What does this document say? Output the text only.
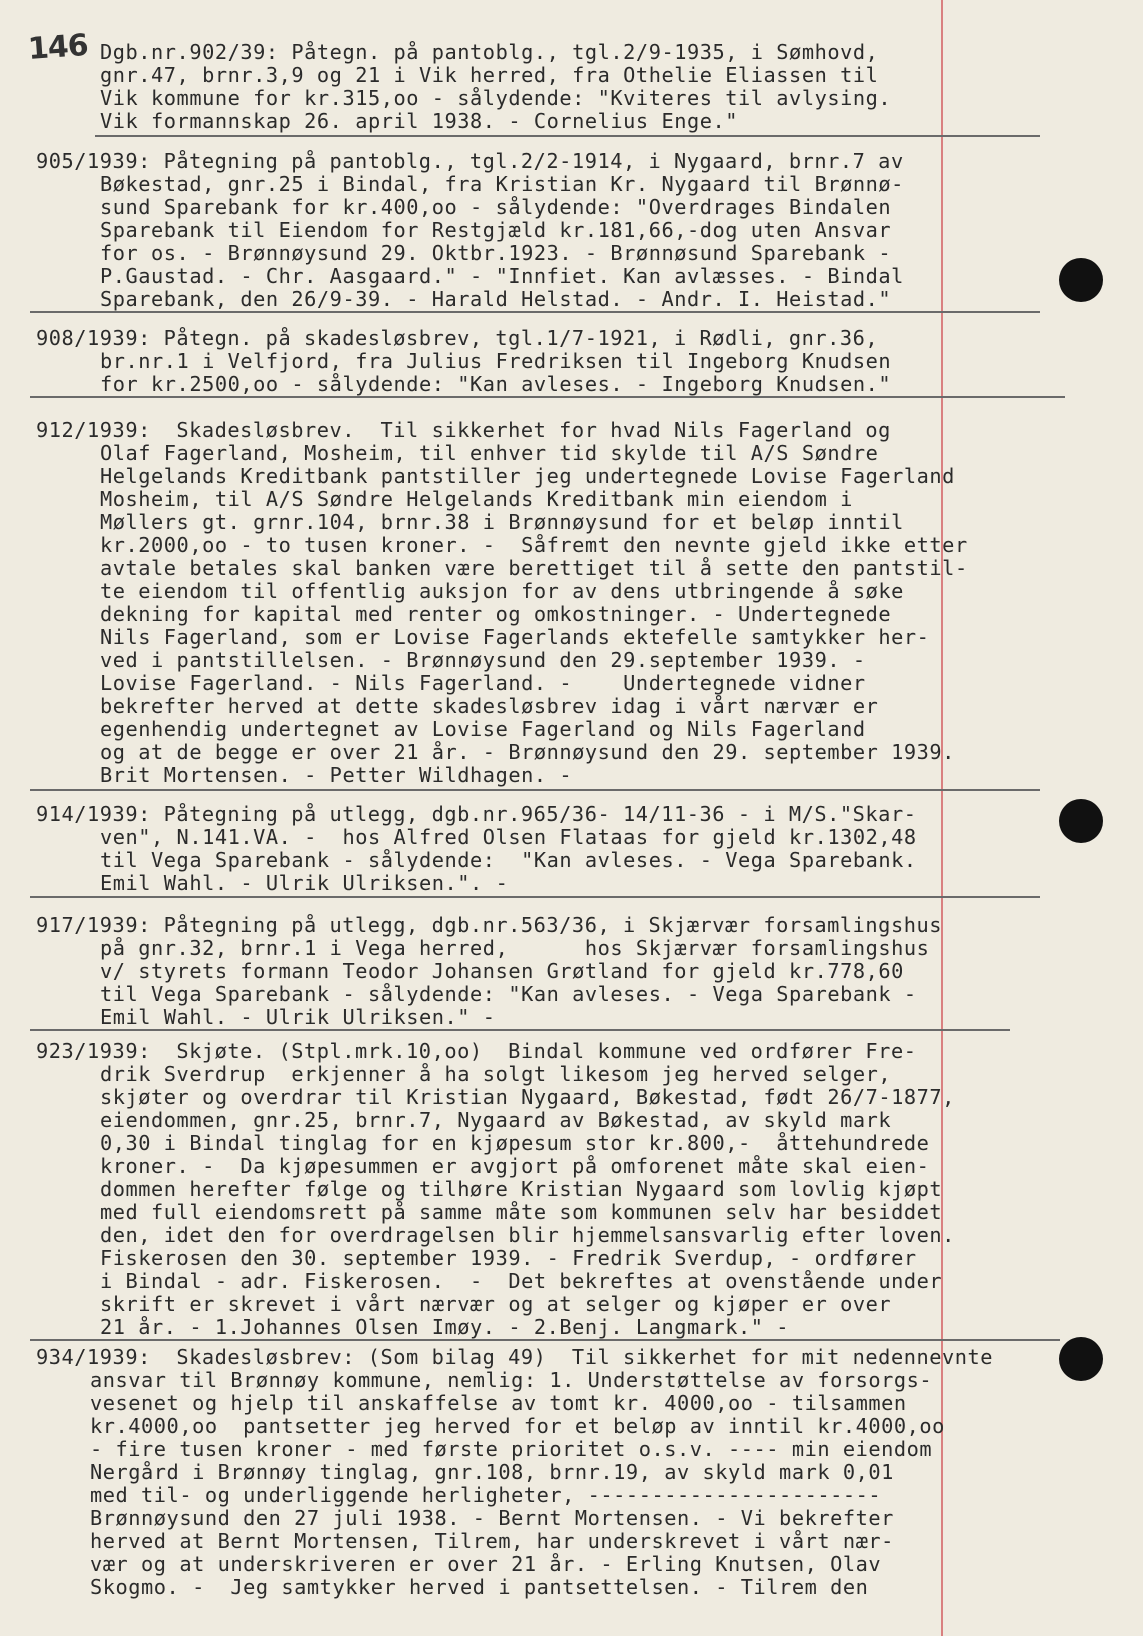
146 Dgb.nr.902/39: Påtegn. på pantoblg., tgl.2/9-1935, i Sømhovd,
gnr.47, brnr.3,9 og 21 i Vik herred, fra Othelie Eliassen til
Vik kommune for kr.315,oo - sålydende: "Kviteres til avlysing.
Vik formannskap 26. april 1938. - Cornelius Enge."
905/1939: Påtegning på pantoblg., tgl.2/2-1914, i Nygaard, brnr.7 av
Bøkestad, gnr.25 i Bindal, fra Kristian Kr. Nygaard til Brønnø-
sund Sparebank for kr.400,oo - sålydende: "Overdrages Bindalen
Sparebank til Eiendom for Restgjæld kr.181,66,-dog uten Ansvar
for os. - Brønnøysund 29. Oktbr.1923. - Brønnøsund Sparebank -
P.Gaustad. - Chr. Aasgaard." - "Innfiet. Kan avlæsses. - Bindal
Sparebank, den 26/9-39. - Harald Helstad. - Andr. I. Heistad."
908/1939: Påtegn. på skadesløsbrev, tgl.1/7-1921, i Rødli, gnr.36,
br.nr.1 i Velfjord, fra Julius Fredriksen til Ingeborg Knudsen
for kr.2500,oo - sålydende: "Kan avleses. - Ingeborg Knudsen."
912/1939:  Skadesløsbrev.  Til sikkerhet for hvad Nils Fagerland og
Olaf Fagerland, Mosheim, til enhver tid skylde til A/S Søndre
Helgelands Kreditbank pantstiller jeg undertegnede Lovise Fagerland
Mosheim, til A/S Søndre Helgelands Kreditbank min eiendom i
Møllers gt. grnr.104, brnr.38 i Brønnøysund for et beløp inntil
kr.2000,oo - to tusen kroner. -  Såfremt den nevnte gjeld ikke etter
avtale betales skal banken være berettiget til å sette den pantstil-
te eiendom til offentlig auksjon for av dens utbringende å søke
dekning for kapital med renter og omkostninger. - Undertegnede
Nils Fagerland, som er Lovise Fagerlands ektefelle samtykker her-
ved i pantstillelsen. - Brønnøysund den 29.september 1939. -
Lovise Fagerland. - Nils Fagerland. -    Undertegnede vidner
bekrefter herved at dette skadesløsbrev idag i vårt nærvær er
egenhendig undertegnet av Lovise Fagerland og Nils Fagerland
og at de begge er over 21 år. - Brønnøysund den 29. september 1939.
Brit Mortensen. - Petter Wildhagen. -
914/1939: Påtegning på utlegg, dgb.nr.965/36- 14/11-36 - i M/S."Skar-
ven", N.141.VA. -  hos Alfred Olsen Flataas for gjeld kr.1302,48
til Vega Sparebank - sålydende:  "Kan avleses. - Vega Sparebank.
Emil Wahl. - Ulrik Ulriksen.". -
917/1939: Påtegning på utlegg, dgb.nr.563/36, i Skjærvær forsamlingshus
på gnr.32, brnr.1 i Vega herred,      hos Skjærvær forsamlingshus
v/ styrets formann Teodor Johansen Grøtland for gjeld kr.778,60
til Vega Sparebank - sålydende: "Kan avleses. - Vega Sparebank -
Emil Wahl. - Ulrik Ulriksen." -
923/1939:  Skjøte. (Stpl.mrk.10,oo)  Bindal kommune ved ordfører Fre-
drik Sverdrup  erkjenner å ha solgt likesom jeg herved selger,
skjøter og overdrar til Kristian Nygaard, Bøkestad, født 26/7-1877,
eiendommen, gnr.25, brnr.7, Nygaard av Bøkestad, av skyld mark
0,30 i Bindal tinglag for en kjøpesum stor kr.800,-  åttehundrede
kroner. -  Da kjøpesummen er avgjort på omforenet måte skal eien-
dommen herefter følge og tilhøre Kristian Nygaard som lovlig kjøpt
med full eiendomsrett på samme måte som kommunen selv har besiddet
den, idet den for overdragelsen blir hjemmelsansvarlig efter loven.
Fiskerosen den 30. september 1939. - Fredrik Sverdup, - ordfører
i Bindal - adr. Fiskerosen.  -  Det bekreftes at ovenstående under
skrift er skrevet i vårt nærvær og at selger og kjøper er over
21 år. - 1.Johannes Olsen Imøy. - 2.Benj. Langmark." -
934/1939:  Skadesløsbrev: (Som bilag 49)  Til sikkerhet for mit nedennevnte
ansvar til Brønnøy kommune, nemlig: 1. Understøttelse av forsorgs-
vesenet og hjelp til anskaffelse av tomt kr. 4000,oo - tilsammen
kr.4000,oo  pantsetter jeg herved for et beløp av inntil kr.4000,oo
- fire tusen kroner - med første prioritet o.s.v. ---- min eiendom
Nergård i Brønnøy tinglag, gnr.108, brnr.19, av skyld mark 0,01
med til- og underliggende herligheter, -----------------------
Brønnøysund den 27 juli 1938. - Bernt Mortensen. - Vi bekrefter
herved at Bernt Mortensen, Tilrem, har underskrevet i vårt nær-
vær og at underskriveren er over 21 år. - Erling Knutsen, Olav
Skogmo. -  Jeg samtykker herved i pantsettelsen. - Tilrem den
